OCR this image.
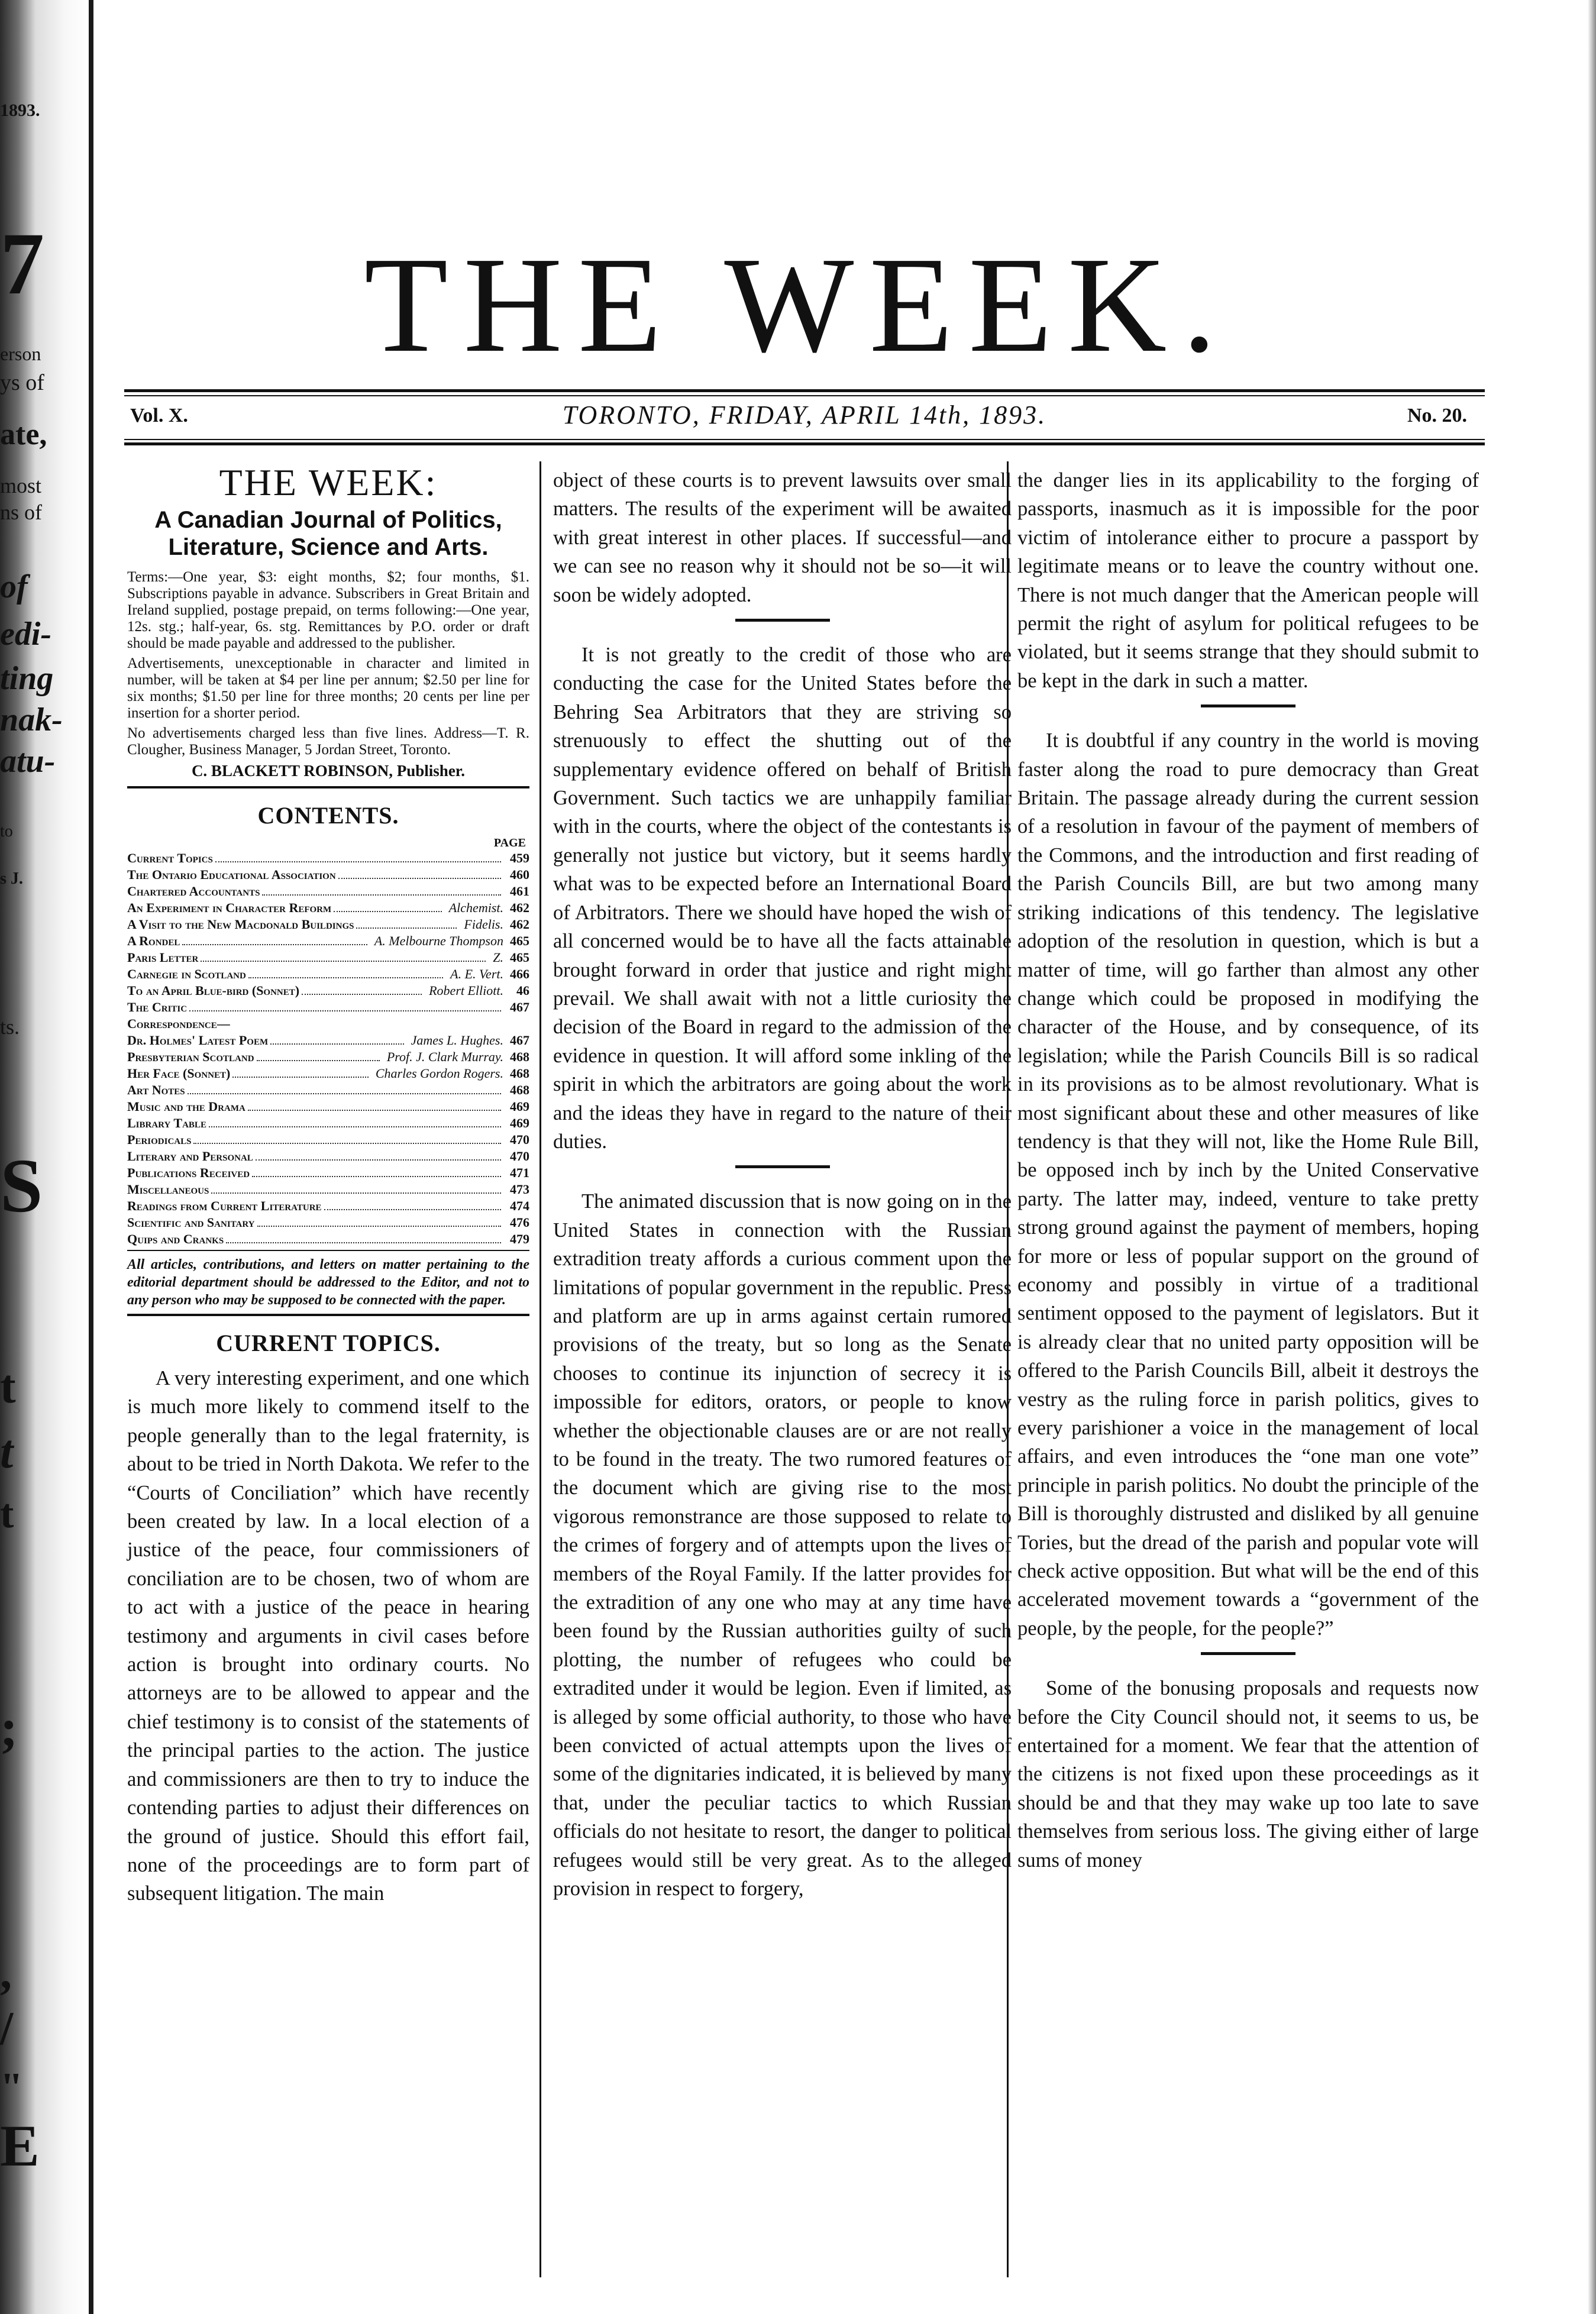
1893.
7
erson
ys of
ate,
most
ns of
of
edi-
ting
nak-
atu-
to
s J.
ts.
S
t
t
t
;
,
/
"
E
THE WEEK.
Vol. X.	TORONTO, FRIDAY, APRIL 14th, 1893.	No. 20.
THE WEEK:
A Canadian Journal of Politics, Literature, Science and Arts.

Terms:—One year, $3: eight months, $2; four months, $1. Subscriptions payable in advance. Subscribers in Great Britain and Ireland supplied, postage prepaid, on terms following:—One year, 12s. stg.; half-year, 6s. stg. Remittances by P.O. order or draft should be made payable and addressed to the publisher.

Advertisements, unexceptionable in character and limited in number, will be taken at $4 per line per annum; $2.50 per line for six months; $1.50 per line for three months; 20 cents per line per insertion for a shorter period.

No advertisements charged less than five lines. Address—T. R. Clougher, Business Manager, 5 Jordan Street, Toronto.

C. BLACKETT ROBINSON, Publisher.
CONTENTS.
PAGE
Current Topics	459
The Ontario Educational Association	460
Chartered Accountants	461
An Experiment in Character Reform	Alchemist. 462
A Visit to the New Macdonald Buildings	Fidelis. 462
A Rondel	A. Melbourne Thompson 465
Paris Letter	Z. 465
Carnegie in Scotland	A. E. Vert. 466
To an April Blue-bird (Sonnet)	Robert Elliott.	46
The Critic	467
Correspondence—
Dr. Holmes' Latest Poem	James L. Hughes. 467
Presbyterian Scotland	Prof. J. Clark Murray. 468
Her Face (Sonnet)	Charles Gordon Rogers. 468
Art Notes	468
Music and the Drama	469
Library Table	469
Periodicals	470
Literary and Personal	470
Publications Received	471
Miscellaneous	473
Readings from Current Literature	474
Scientific and Sanitary	476
Quips and Cranks	479

All articles, contributions, and letters on matter pertaining to the editorial department should be addressed to the Editor, and not to any person who may be supposed to be connected with the paper.

CURRENT TOPICS.

A very interesting experiment, and one which is much more likely to commend itself to the people generally than to the legal fraternity, is about to be tried in North Dakota. We refer to the “Courts of Conciliation” which have recently been created by law. In a local election of a justice of the peace, four commissioners of conciliation are to be chosen, two of whom are to act with a justice of the peace in hearing testimony and arguments in civil cases before action is brought into ordinary courts. No attorneys are to be allowed to appear and the chief testimony is to consist of the statements of the principal parties to the action. The justice and commissioners are then to try to induce the contending parties to adjust their differences on the ground of justice. Should this effort fail, none of the proceedings are to form part of subsequent litigation. The main

object of these courts is to prevent lawsuits over small matters. The results of the experiment will be awaited with great interest in other places. If successful—and we can see no reason why it should not be so—it will soon be widely adopted.

It is not greatly to the credit of those who are conducting the case for the United States before the Behring Sea Arbitrators that they are striving so strenuously to effect the shutting out of the supplementary evidence offered on behalf of British Government. Such tactics we are unhappily familiar with in the courts, where the object of the contestants is generally not justice but victory, but it seems hardly what was to be expected before an International Board of Arbitrators. There we should have hoped the wish of all concerned would be to have all the facts attainable brought forward in order that justice and right might prevail. We shall await with not a little curiosity the decision of the Board in regard to the admission of the evidence in question. It will afford some inkling of the spirit in which the arbitrators are going about the work and the ideas they have in regard to the nature of their duties.

The animated discussion that is now going on in the United States in connection with the Russian extradition treaty affords a curious comment upon the limitations of popular government in the republic. Press and platform are up in arms against certain rumored provisions of the treaty, but so long as the Senate chooses to continue its injunction of secrecy it is impossible for editors, orators, or people to know whether the objectionable clauses are or are not really to be found in the treaty. The two rumored features of the document which are giving rise to the most vigorous remonstrance are those supposed to relate to the crimes of forgery and of attempts upon the lives of members of the Royal Family. If the latter provides for the extradition of any one who may at any time have been found by the Russian authorities guilty of such plotting, the number of refugees who could be extradited under it would be legion. Even if limited, as is alleged by some official authority, to those who have been convicted of actual attempts upon the lives of some of the dignitaries indicated, it is believed by many that, under the peculiar tactics to which Russian officials do not hesitate to resort, the danger to political refugees would still be very great. As to the alleged provision in respect to forgery,

the danger lies in its applicability to the forging of passports, inasmuch as it is impossible for the poor victim of intolerance either to procure a passport by legitimate means or to leave the country without one. There is not much danger that the American people will permit the right of asylum for political refugees to be violated, but it seems strange that they should submit to be kept in the dark in such a matter.

It is doubtful if any country in the world is moving faster along the road to pure democracy than Great Britain. The passage already during the current session of a resolution in favour of the payment of members of the Commons, and the introduction and first reading of the Parish Councils Bill, are but two among many striking indications of this tendency. The legislative adoption of the resolution in question, which is but a matter of time, will go farther than almost any other change which could be proposed in modifying the character of the House, and by consequence, of its legislation; while the Parish Councils Bill is so radical in its provisions as to be almost revolutionary. What is most significant about these and other measures of like tendency is that they will not, like the Home Rule Bill, be opposed inch by inch by the United Conservative party. The latter may, indeed, venture to take pretty strong ground against the payment of members, hoping for more or less of popular support on the ground of economy and possibly in virtue of a traditional sentiment opposed to the payment of legislators. But it is already clear that no united party opposition will be offered to the Parish Councils Bill, albeit it destroys the vestry as the ruling force in parish politics, gives to every parishioner a voice in the management of local affairs, and even introduces the “one man one vote” principle in parish politics. No doubt the principle of the Bill is thoroughly distrusted and disliked by all genuine Tories, but the dread of the parish and popular vote will check active opposition. But what will be the end of this accelerated movement towards a “government of the people, by the people, for the people?”

Some of the bonusing proposals and requests now before the City Council should not, it seems to us, be entertained for a moment. We fear that the attention of the citizens is not fixed upon these proceedings as it should be and that they may wake up too late to save themselves from serious loss. The giving either of large sums of money
